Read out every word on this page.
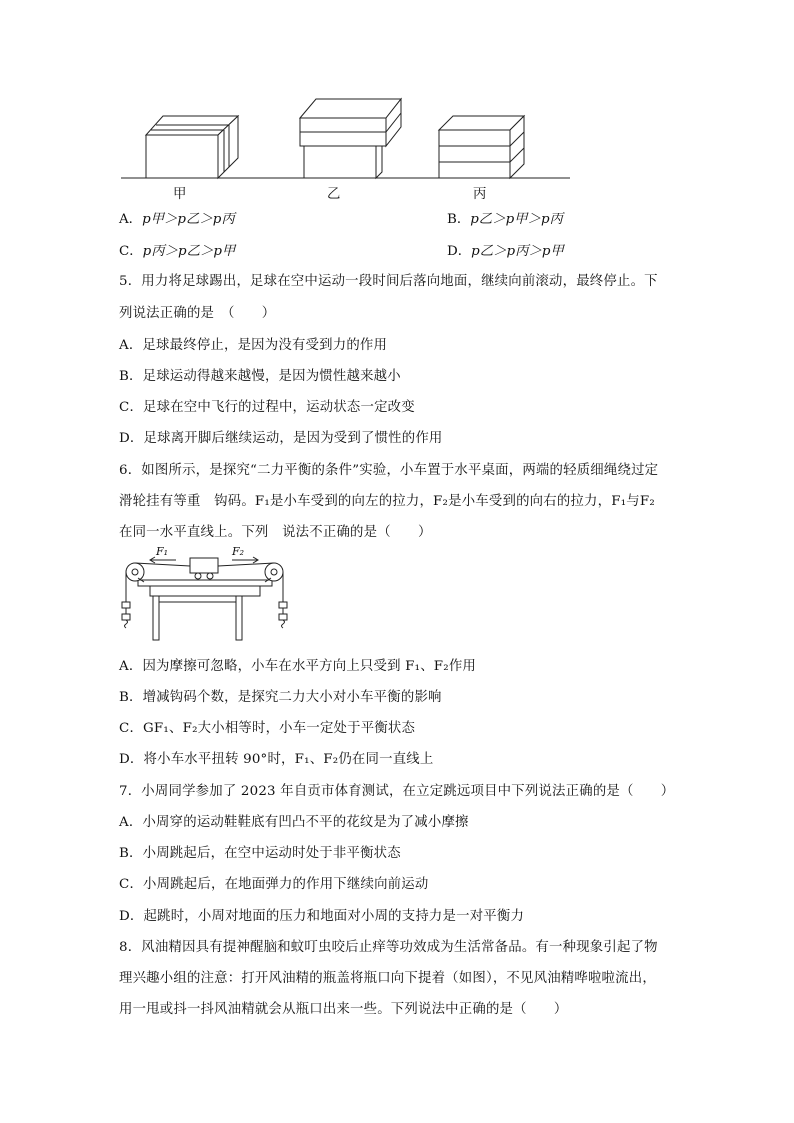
甲	乙	丙
A．p甲＞p乙＞p丙	B．p乙＞p甲＞p丙
C．p丙＞p乙＞p甲	D．p乙＞p丙＞p甲
5．用力将足球踢出，足球在空中运动一段时间后落向地面，继续向前滚动，最终停止。下
列说法正确的是　（　　）
A．足球最终停止，是因为没有受到力的作用
B．足球运动得越来越慢，是因为惯性越来越小
C．足球在空中飞行的过程中，运动状态一定改变
D．足球离开脚后继续运动，是因为受到了惯性的作用
6．如图所示，是探究“二力平衡的条件”实验，小车置于水平桌面，两端的轻质细绳绕过定
滑轮挂有等重　钩码。F₁是小车受到的向左的拉力，F₂是小车受到的向右的拉力，F₁与F₂
在同一水平直线上。下列　说法不正确的是（　　）
F₁	F₂
A．因为摩擦可忽略，小车在水平方向上只受到 F₁、F₂作用
B．增减钩码个数，是探究二力大小对小车平衡的影响
C．GF₁、F₂大小相等时，小车一定处于平衡状态
D．将小车水平扭转 90°时，F₁、F₂仍在同一直线上
7．小周同学参加了 2023 年自贡市体育测试，在立定跳远项目中下列说法正确的是（　　）
A．小周穿的运动鞋鞋底有凹凸不平的花纹是为了减小摩擦
B．小周跳起后，在空中运动时处于非平衡状态
C．小周跳起后，在地面弹力的作用下继续向前运动
D．起跳时，小周对地面的压力和地面对小周的支持力是一对平衡力
8．风油精因具有提神醒脑和蚊叮虫咬后止痒等功效成为生活常备品。有一种现象引起了物
理兴趣小组的注意：打开风油精的瓶盖将瓶口向下提着（如图），不见风油精哗啦啦流出，
用一甩或抖一抖风油精就会从瓶口出来一些。下列说法中正确的是（　　）
